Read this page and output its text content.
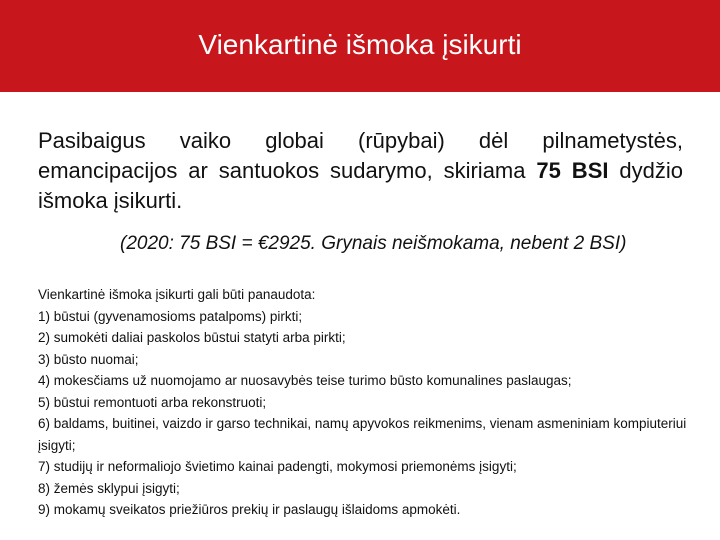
Vienkartinė išmoka įsikurti
Pasibaigus vaiko globai (rūpybai) dėl pilnametystės, emancipacijos ar santuokos sudarymo, skiriama 75 BSI dydžio išmoka įsikurti.
(2020: 75 BSI = €2925. Grynais neišmokama, nebent 2 BSI)

Vienkartinė išmoka įsikurti gali būti panaudota:

1) būstui (gyvenamosioms patalpoms) pirkti;
2) sumokėti daliai paskolos būstui statyti arba pirkti;
3) būsto nuomai;
4) mokesčiams už nuomojamo ar nuosavybės teise turimo būsto komunalines paslaugas;
5) būstui remontuoti arba rekonstruoti;
6) baldams, buitinei, vaizdo ir garso technikai, namų apyvokos reikmenims, vienam asmeniniam kompiuteriui įsigyti;
7) studijų ir neformaliojo švietimo kainai padengti, mokymosi priemonėms įsigyti;
8) žemės sklypui įsigyti;
9) mokamų sveikatos priežiūros prekių ir paslaugų išlaidoms apmokėti.
